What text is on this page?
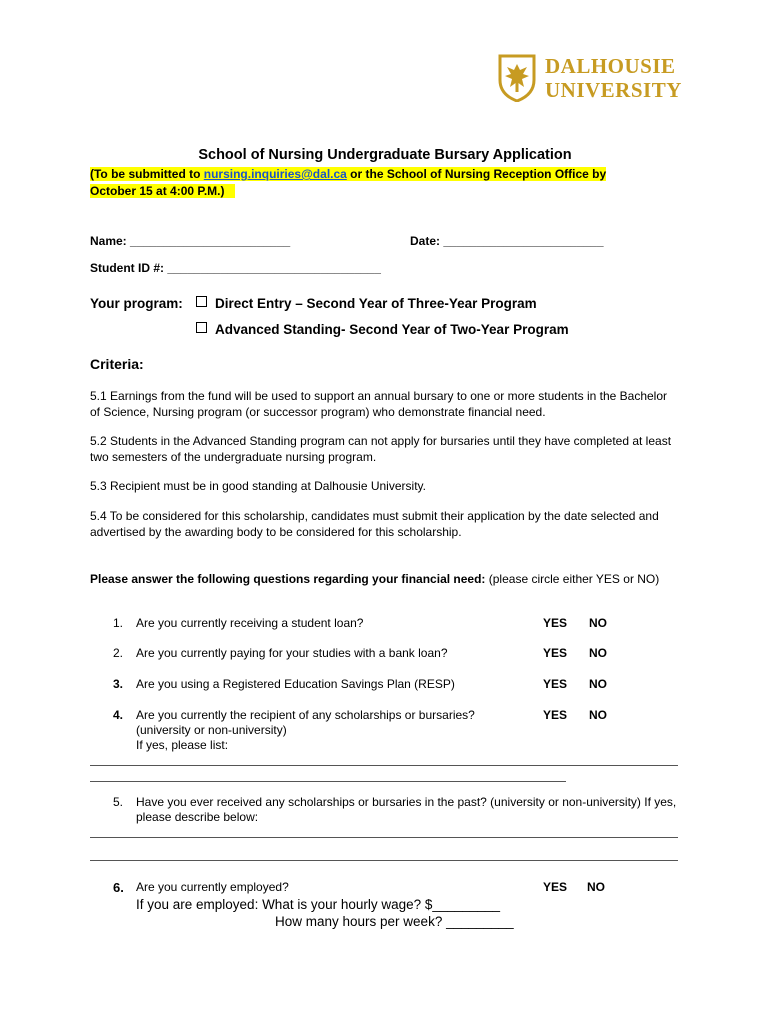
DALHOUSIE
UNIVERSITY
School of Nursing Undergraduate Bursary Application
(To be submitted to nursing.inquiries@dal.ca or the School of Nursing Reception Office by
October 15 at 4:00 P.M.)
Name: ________________________	Date: ________________________
Student ID #: ________________________________
Your program:	Direct Entry – Second Year of Three-Year Program
Advanced Standing- Second Year of Two-Year Program
Criteria:
5.1 Earnings from the fund will be used to support an annual bursary to one or more students in the Bachelor of Science, Nursing program (or successor program) who demonstrate financial need.
5.2 Students in the Advanced Standing program can not apply for bursaries until they have completed at least two semesters of the undergraduate nursing program.
5.3 Recipient must be in good standing at Dalhousie University.
5.4 To be considered for this scholarship, candidates must submit their application by the date selected and advertised by the awarding body to be considered for this scholarship.
Please answer the following questions regarding your financial need: (please circle either YES or NO)
1. Are you currently receiving a student loan?	YES NO
2. Are you currently paying for your studies with a bank loan?	YES NO
3. Are you using a Registered Education Savings Plan (RESP)	YES NO
4. Are you currently the recipient of any scholarships or bursaries?
(university or non-university)
If yes, please list:
YES NO
5. Have you ever received any scholarships or bursaries in the past? (university or non-university) If yes, please describe below:
6. Are you currently employed?	YES NO
If you are employed: What is your hourly wage? $_________
How many hours per week? _________
